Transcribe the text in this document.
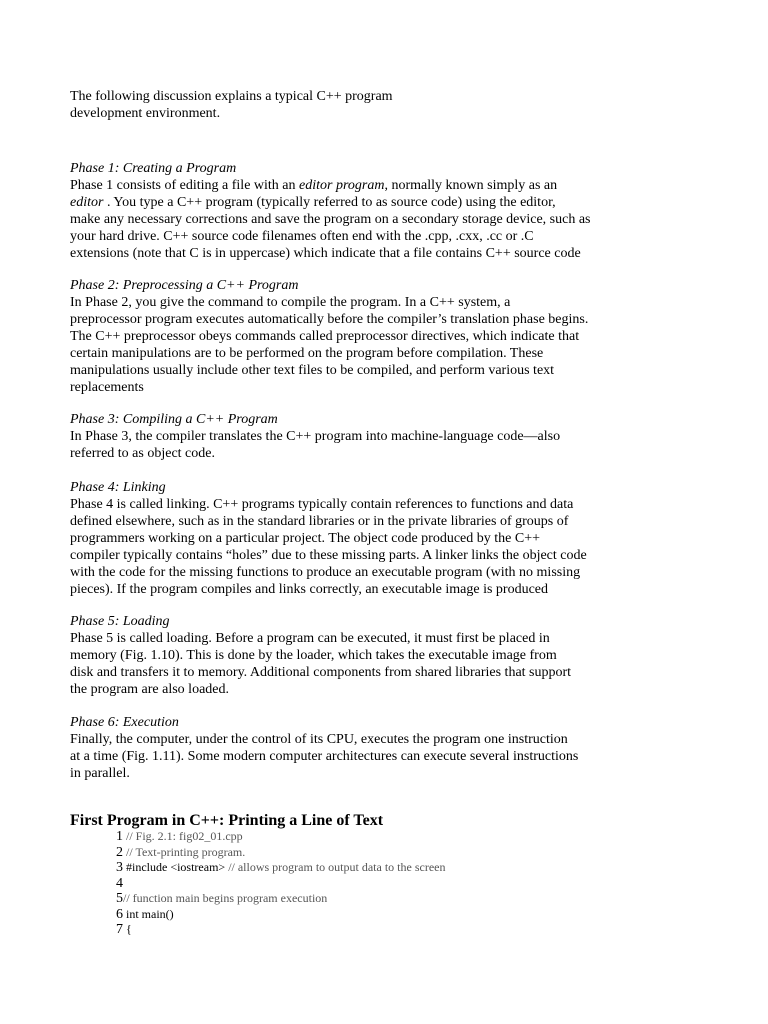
The following discussion explains a typical C++ program
development environment.

Phase 1: Creating a Program

Phase 1 consists of editing a file with an editor program, normally known simply as an
editor . You type a C++ program (typically referred to as source code) using the editor,
make any necessary corrections and save the program on a secondary storage device, such as
your hard drive. C++ source code filenames often end with the .cpp, .cxx, .cc or .C
extensions (note that C is in uppercase) which indicate that a file contains C++ source code

Phase 2: Preprocessing a C++ Program

In Phase 2, you give the command to compile the program. In a C++ system, a
preprocessor program executes automatically before the compiler’s translation phase begins.
The C++ preprocessor obeys commands called preprocessor directives, which indicate that
certain manipulations are to be performed on the program before compilation. These
manipulations usually include other text files to be compiled, and perform various text
replacements

Phase 3: Compiling a C++ Program

In Phase 3, the compiler translates the C++ program into machine-language code—also
referred to as object code.

Phase 4: Linking

Phase 4 is called linking. C++ programs typically contain references to functions and data
defined elsewhere, such as in the standard libraries or in the private libraries of groups of
programmers working on a particular project. The object code produced by the C++
compiler typically contains “holes” due to these missing parts. A linker links the object code
with the code for the missing functions to produce an executable program (with no missing
pieces). If the program compiles and links correctly, an executable image is produced

Phase 5: Loading

Phase 5 is called loading. Before a program can be executed, it must first be placed in
memory (Fig. 1.10). This is done by the loader, which takes the executable image from
disk and transfers it to memory. Additional components from shared libraries that support
the program are also loaded.

Phase 6: Execution

Finally, the computer, under the control of its CPU, executes the program one instruction
at a time (Fig. 1.11). Some modern computer architectures can execute several instructions
in parallel.

First Program in C++: Printing a Line of Text
1 // Fig. 2.1: fig02_01.cpp
2 // Text-printing program.
3 #include <iostream> // allows program to output data to the screen
4
5// function main begins program execution
6 int main()
7 {
